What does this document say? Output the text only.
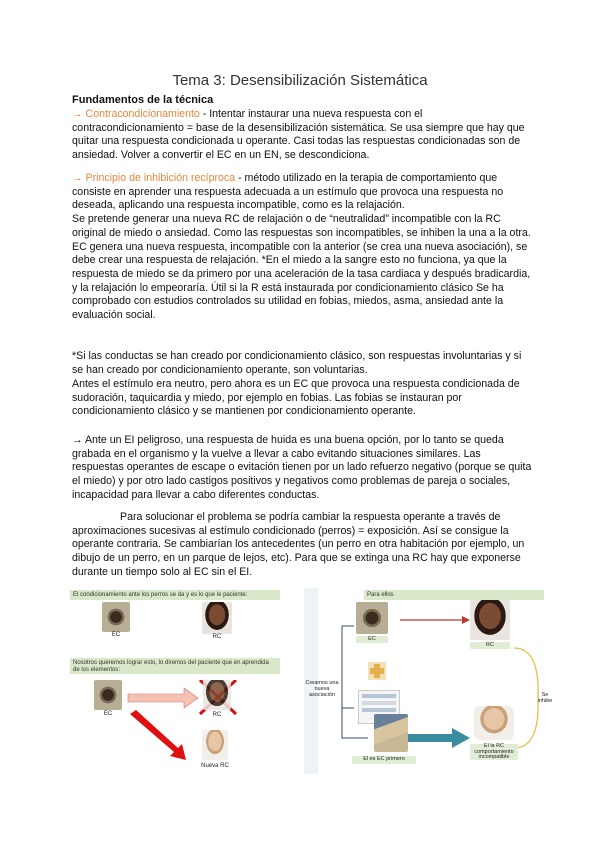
Tema 3: Desensibilización Sistemática
Fundamentos de la técnica

→ Contracondicionamiento - Intentar instaurar una nueva respuesta con el contracondicionamiento = base de la desensibilización sistemática. Se usa siempre que hay que quitar una respuesta condicionada u operante. Casi todas las respuestas condicionadas son de ansiedad. Volver a convertir el EC en un EN, se descondiciona.

→ Principio de inhibición recíproca - método utilizado en la terapia de comportamiento que consiste en aprender una respuesta adecuada a un estímulo que provoca una respuesta no deseada, aplicando una respuesta incompatible, como es la relajación.
Se pretende generar una nueva RC de relajación o de “neutralidad” incompatible con la RC original de miedo o ansiedad. Como las respuestas son incompatibles, se inhiben la una a la otra. EC genera una nueva respuesta, incompatible con la anterior (se crea una nueva asociación), se debe crear una respuesta de relajación. *En el miedo a la sangre esto no funciona, ya que la respuesta de miedo se da primero por una aceleración de la tasa cardiaca y después bradicardia, y la relajación lo empeoraría. Útil si la R está instaurada por condicionamiento clásico Se ha comprobado con estudios controlados su utilidad en fobias, miedos, asma, ansiedad ante la evaluación social.

*Si las conductas se han creado por condicionamiento clásico, son respuestas involuntarias y si se han creado por condicionamiento operante, son voluntarias.

Antes el estímulo era neutro, pero ahora es un EC que provoca una respuesta condicionada de sudoración, taquicardia y miedo, por ejemplo en fobias. Las fobias se instauran por condicionamiento clásico y se mantienen por condicionamiento operante.

→ Ante un EI peligroso, una respuesta de huida es una buena opción, por lo tanto se queda grabada en el organismo y la vuelve a llevar a cabo evitando situaciones similares. Las respuestas operantes de escape o evitación tienen por un lado refuerzo negativo (porque se quita el miedo) y por otro lado castigos positivos y negativos como problemas de pareja o sociales, incapacidad para llevar a cabo diferentes conductas.

Para solucionar el problema se podría cambiar la respuesta operante a través de aproximaciones sucesivas al estímulo condicionado (perros) = exposición. Así se consigue la operante contraria. Se cambiarían los antecedentes (un perro en otra habitación por ejemplo, un dibujo de un perro, en un parque de lejos, etc). Para que se extinga una RC hay que exponerse durante un tiempo solo al EC sin el EI.

El condicionamiento ante los perros se da y es lo que le paciente:
EC	RC
Nosotros queremos lograr esto, lo diremos del paciente que en aprendida de los elementos:
EC	RC
Nueva RC
Para ellos
EC
RC
Creamos una nueva asociación
El es EC primero
Se inhibe
El la RC comportamiento incompatible
